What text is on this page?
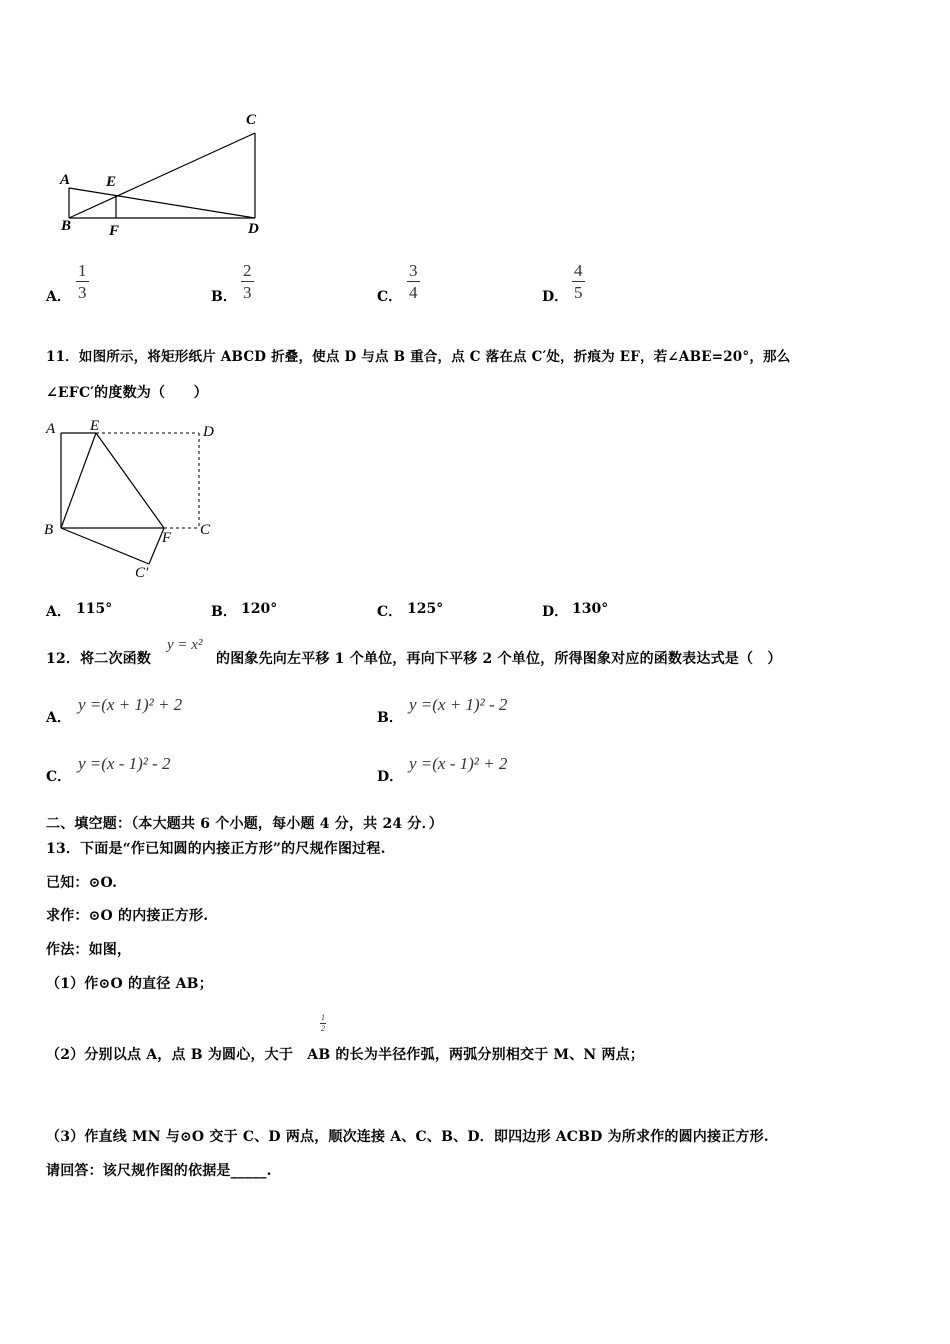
C
A E
B	F	D
A．
1
3	B．
2
3	C．
3
4	D．
4
5
11．如图所示，将矩形纸片 ABCD 折叠，使点 D 与点 B 重合，点 C 落在点 C′处，折痕为 EF，若∠ABE=20°，那么
∠EFC′的度数为（　　）
A E	D
B	F C
C′
A． 115°	B． 120°	C． 125°	D． 130°
12．将二次函数
y = x²
的图象先向左平移 1 个单位，再向下平移 2 个单位，所得图象对应的函数表达式是（　）
A．
y =(x + 1)² + 2
B．
y =(x + 1)² - 2
C．
y =(x - 1)² - 2
D．
y =(x - 1)² + 2
二、填空题：（本大题共 6 个小题，每小题 4 分，共 24 分．）
13．下面是“作已知圆的内接正方形”的尺规作图过程.
已知：⊙O.
求作：⊙O 的内接正方形.
作法：如图，
（1）作⊙O 的直径 AB；
1
2
（2）分别以点 A，点 B 为圆心，大于　AB 的长为半径作弧，两弧分别相交于 M、N 两点；
（3）作直线 MN 与⊙O 交于 C、D 两点，顺次连接 A、C、B、D．即四边形 ACBD 为所求作的圆内接正方形.
请回答：该尺规作图的依据是_____.
